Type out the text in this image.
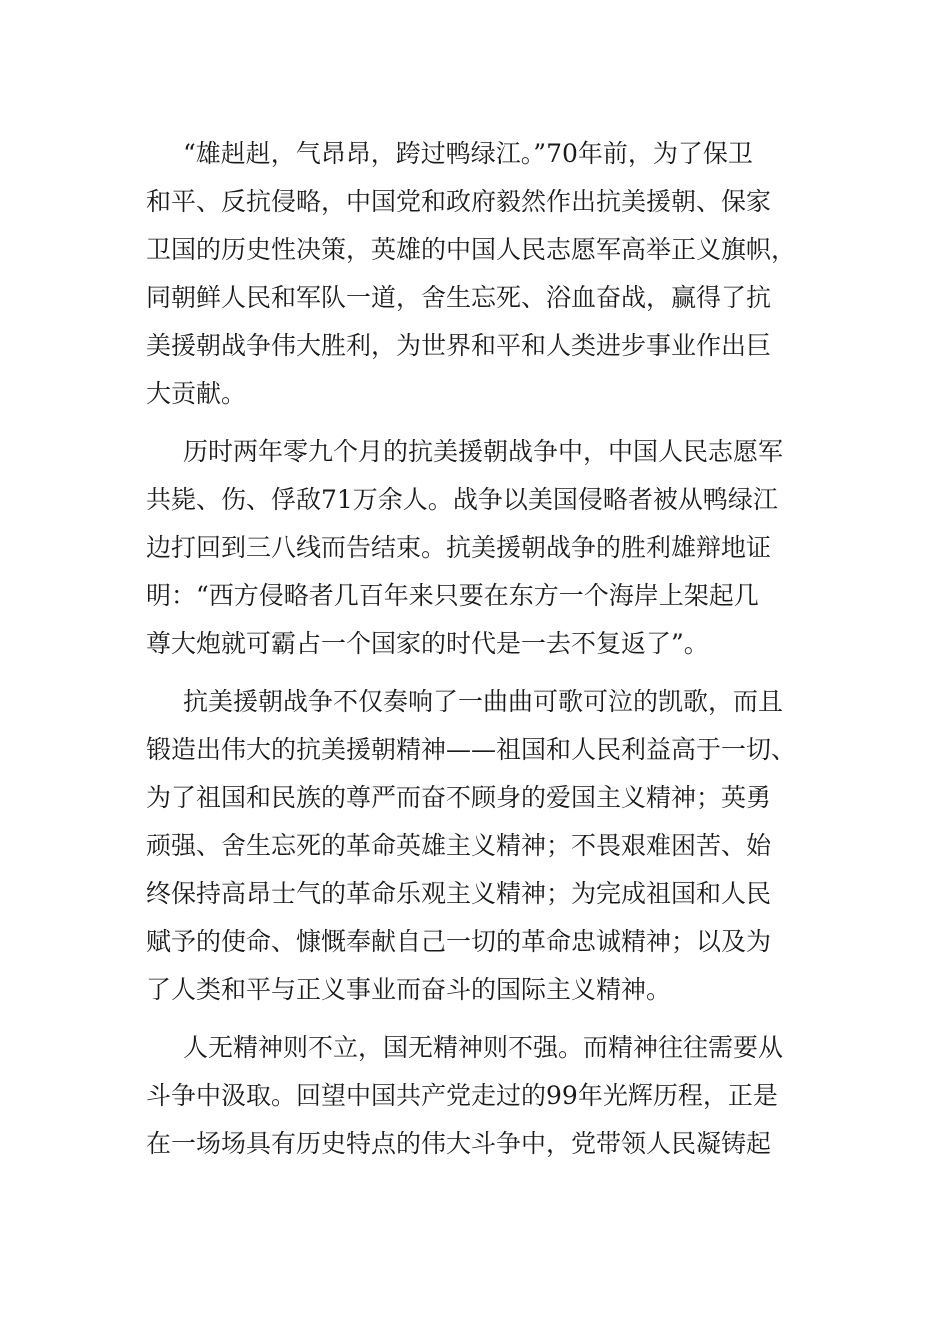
“雄赳赳，气昂昂，跨过鸭绿江。”70年前，为了保卫
和平、反抗侵略，中国党和政府毅然作出抗美援朝、保家
卫国的历史性决策，英雄的中国人民志愿军高举正义旗帜，
同朝鲜人民和军队一道，舍生忘死、浴血奋战，赢得了抗
美援朝战争伟大胜利，为世界和平和人类进步事业作出巨
大贡献。
历时两年零九个月的抗美援朝战争中，中国人民志愿军
共毙、伤、俘敌71万余人。战争以美国侵略者被从鸭绿江
边打回到三八线而告结束。抗美援朝战争的胜利雄辩地证
明：“西方侵略者几百年来只要在东方一个海岸上架起几
尊大炮就可霸占一个国家的时代是一去不复返了”。
抗美援朝战争不仅奏响了一曲曲可歌可泣的凯歌，而且
锻造出伟大的抗美援朝精神——祖国和人民利益高于一切、
为了祖国和民族的尊严而奋不顾身的爱国主义精神；英勇
顽强、舍生忘死的革命英雄主义精神；不畏艰难困苦、始
终保持高昂士气的革命乐观主义精神；为完成祖国和人民
赋予的使命、慷慨奉献自己一切的革命忠诚精神；以及为
了人类和平与正义事业而奋斗的国际主义精神。
人无精神则不立，国无精神则不强。而精神往往需要从
斗争中汲取。回望中国共产党走过的99年光辉历程，正是
在一场场具有历史特点的伟大斗争中，党带领人民凝铸起
